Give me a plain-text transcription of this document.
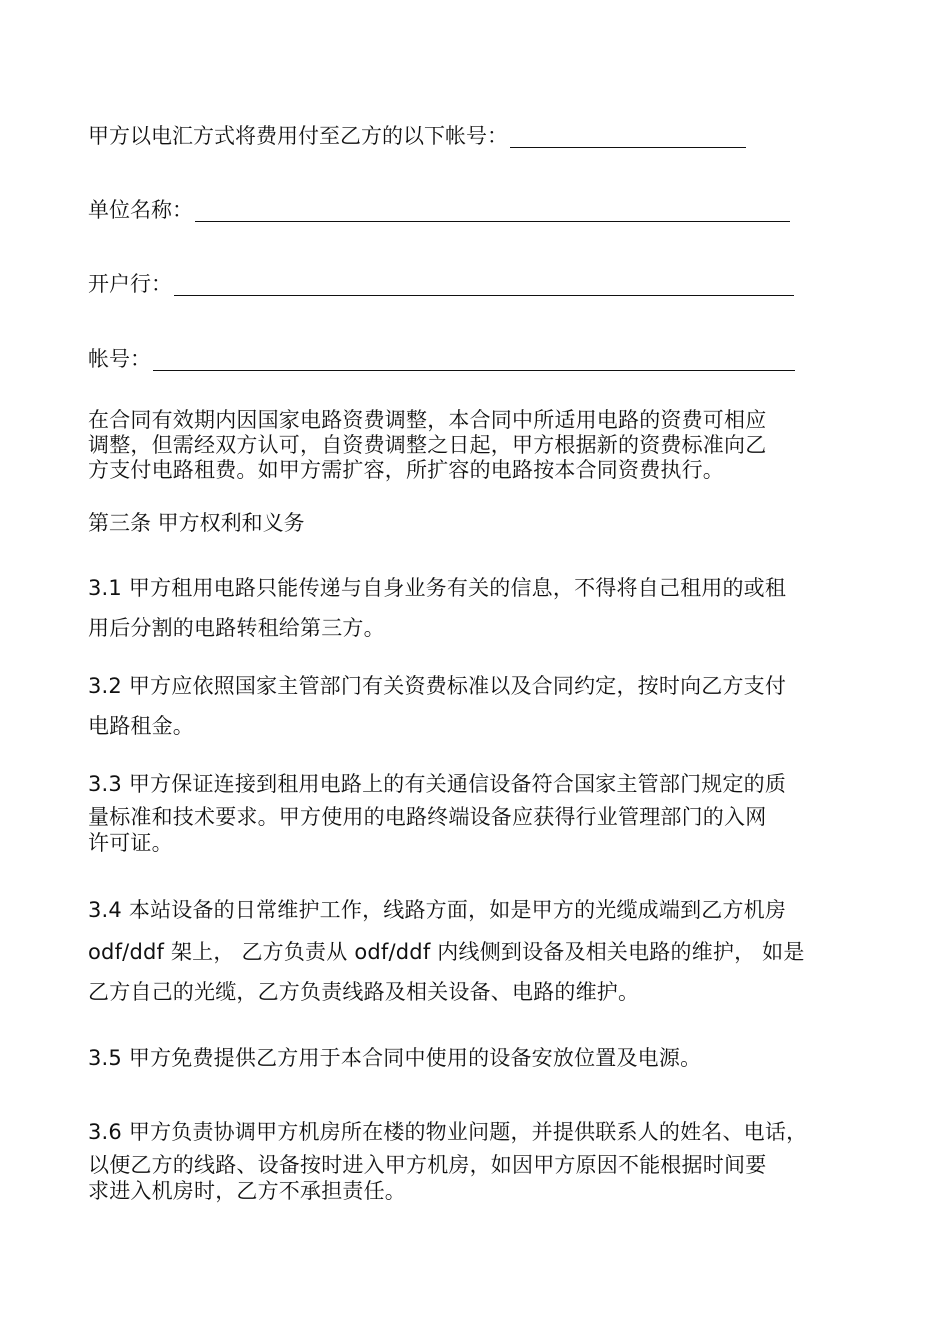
甲方以电汇方式将费用付至乙方的以下帐号：
单位名称：
开户行：
帐号：
在合同有效期内因国家电路资费调整，本合同中所适用电路的资费可相应
调整，但需经双方认可，自资费调整之日起，甲方根据新的资费标准向乙
方支付电路租费。如甲方需扩容，所扩容的电路按本合同资费执行。
第三条 甲方权利和义务
3.1 甲方租用电路只能传递与自身业务有关的信息，不得将自己租用的或租
用后分割的电路转租给第三方。
3.2 甲方应依照国家主管部门有关资费标准以及合同约定，按时向乙方支付
电路租金。
3.3 甲方保证连接到租用电路上的有关通信设备符合国家主管部门规定的质
量标准和技术要求。甲方使用的电路终端设备应获得行业管理部门的入网
许可证。
3.4 本站设备的日常维护工作，线路方面，如是甲方的光缆成端到乙方机房
odf/ddf 架上， 乙方负责从 odf/ddf 内线侧到设备及相关电路的维护， 如是
乙方自己的光缆，乙方负责线路及相关设备、电路的维护。
3.5 甲方免费提供乙方用于本合同中使用的设备安放位置及电源。
3.6 甲方负责协调甲方机房所在楼的物业问题，并提供联系人的姓名、电话，
以便乙方的线路、设备按时进入甲方机房，如因甲方原因不能根据时间要
求进入机房时，乙方不承担责任。
